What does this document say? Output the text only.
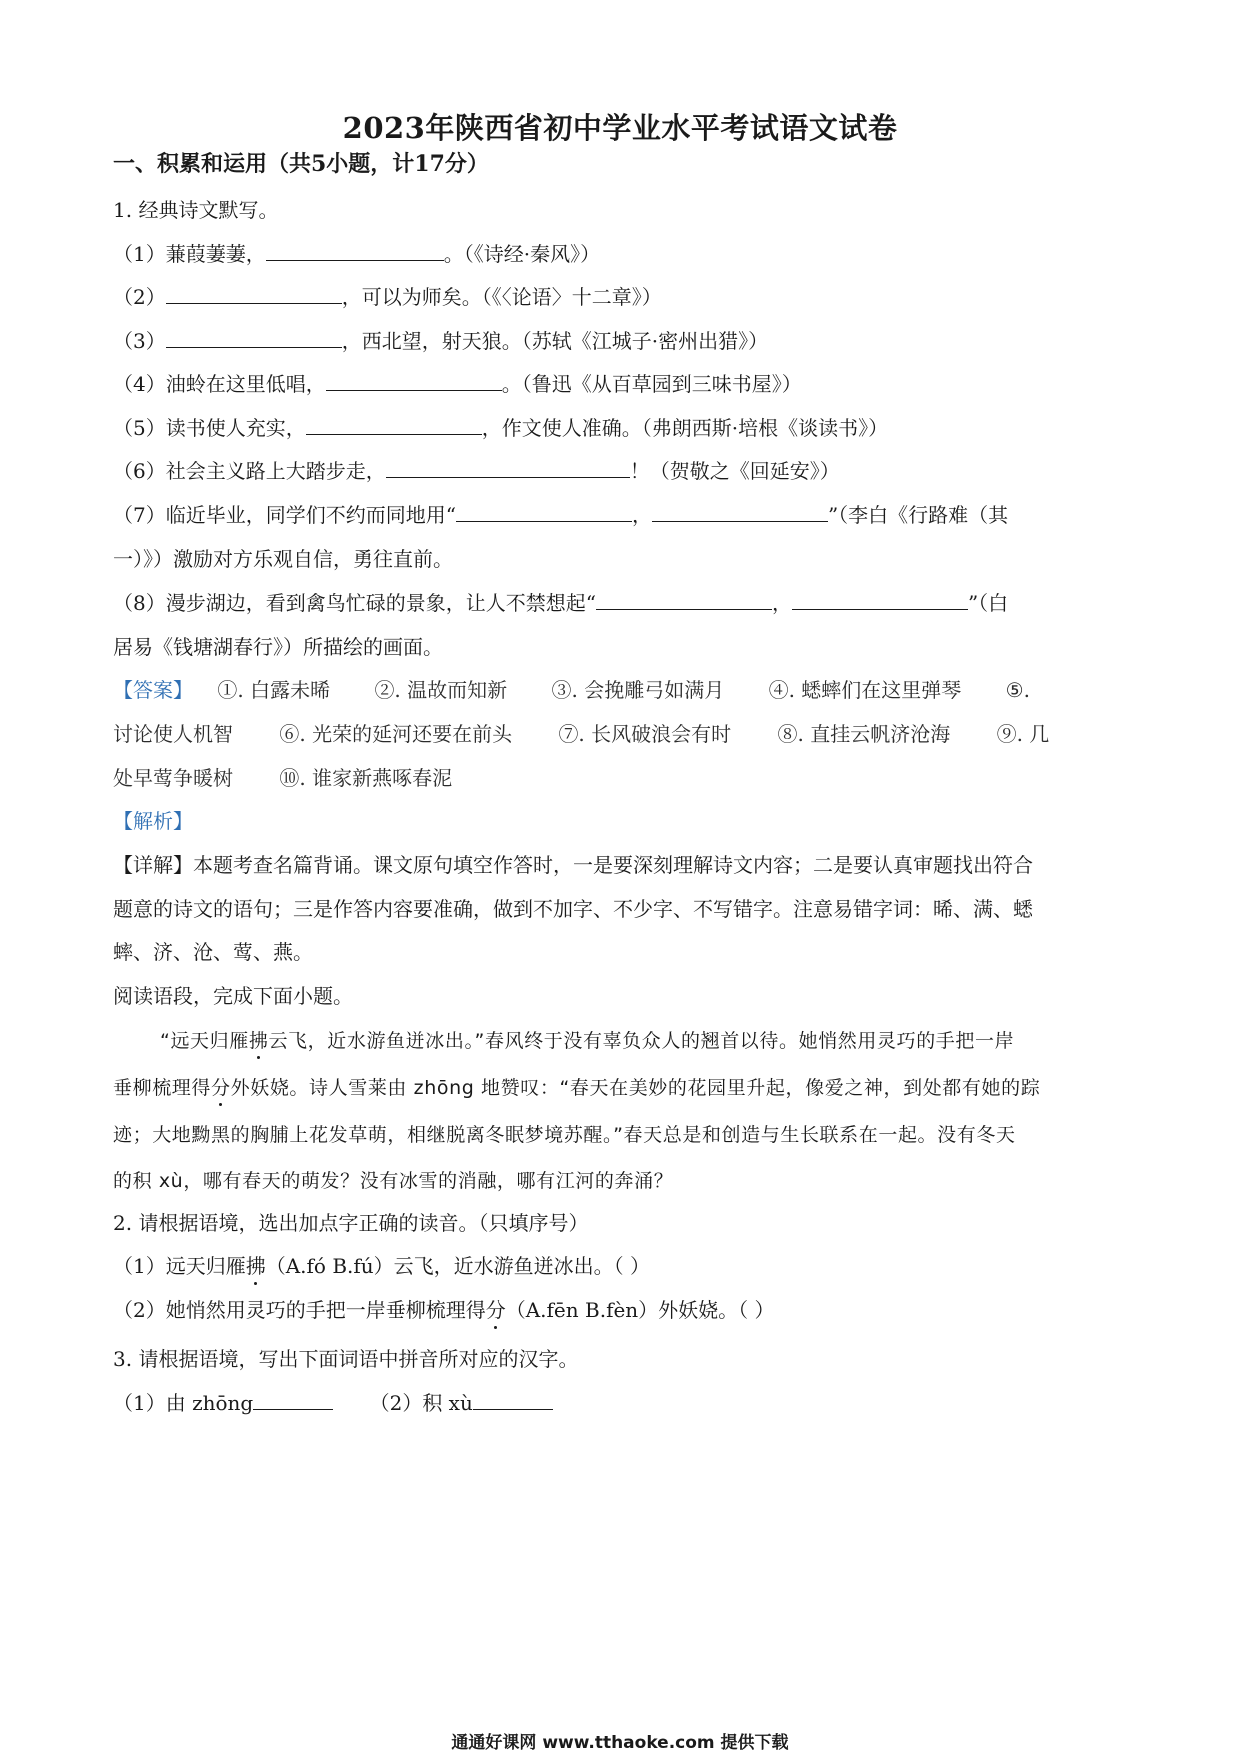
2023年陕西省初中学业水平考试语文试卷
一、积累和运用（共5小题，计17分）
1. 经典诗文默写。
（1）蒹葭萋萋，	。（《诗经·秦风》）
（2）	，可以为师矣。（《〈论语〉十二章》）
（3）	，西北望，射天狼。（苏轼《江城子·密州出猎》）
（4）油蛉在这里低唱，	。（鲁迅《从百草园到三味书屋》）
（5）读书使人充实，	，作文使人准确。（弗朗西斯·培根《谈读书》）
（6）社会主义路上大踏步走，	！（贺敬之《回延安》）
（7）临近毕业，同学们不约而同地用“	，	”（李白《行路难（其
一）》）激励对方乐观自信，勇往直前。
（8）漫步湖边，看到禽鸟忙碌的景象，让人不禁想起“	，	”（白
居易《钱塘湖春行》）所描绘的画面。
【答案】 ①. 白露未晞 ②. 温故而知新 ③. 会挽雕弓如满月 ④. 蟋蟀们在这里弹琴 ⑤.
讨论使人机智 ⑥. 光荣的延河还要在前头 ⑦. 长风破浪会有时 ⑧. 直挂云帆济沧海 ⑨. 几
处早莺争暖树 ⑩. 谁家新燕啄春泥
【解析】
【详解】本题考查名篇背诵。课文原句填空作答时，一是要深刻理解诗文内容；二是要认真审题找出符合
题意的诗文的语句；三是作答内容要准确，做到不加字、不少字、不写错字。注意易错字词：晞、满、蟋
蟀、济、沧、莺、燕。
阅读语段，完成下面小题。
“远天归雁拂云飞，近水游鱼迸冰出。”春风终于没有辜负众人的翘首以待。她悄然用灵巧的手把一岸
垂柳梳理得分外妖娆。诗人雪莱由 zhōng 地赞叹：“春天在美妙的花园里升起，像爱之神，到处都有她的踪
迹；大地黝黑的胸脯上花发草萌，相继脱离冬眠梦境苏醒。”春天总是和创造与生长联系在一起。没有冬天
的积 xù，哪有春天的萌发？没有冰雪的消融，哪有江河的奔涌？
2. 请根据语境，选出加点字正确的读音。（只填序号）
（1）远天归雁拂（A.fó B.fú）云飞，近水游鱼迸冰出。（ ）
（2）她悄然用灵巧的手把一岸垂柳梳理得分（A.fēn B.fèn）外妖娆。（ ）
3. 请根据语境，写出下面词语中拼音所对应的汉字。
（1）由 zhōng	（2）积 xù
通通好课网 www.tthaoke.com 提供下载
